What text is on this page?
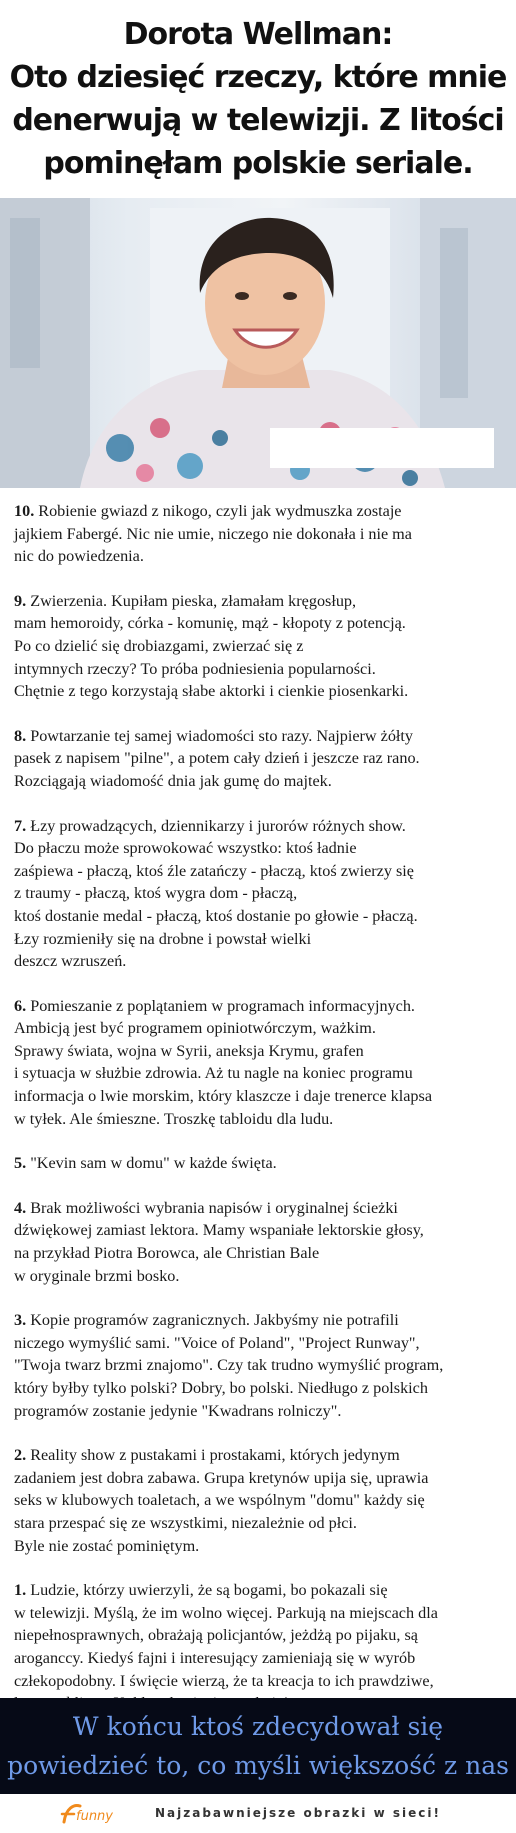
Dorota Wellman:
Oto dziesięć rzeczy, które mnie
denerwują w telewizji. Z litości
pominęłam polskie seriale.
10. Robienie gwiazd z nikogo, czyli jak wydmuszka zostaje
jajkiem Fabergé. Nic nie umie, niczego nie dokonała i nie ma
nic do powiedzenia.
9. Zwierzenia. Kupiłam pieska, złamałam kręgosłup,
mam hemoroidy, córka - komunię, mąż - kłopoty z potencją.
Po co dzielić się drobiazgami, zwierzać się z
intymnych rzeczy? To próba podniesienia popularności.
Chętnie z tego korzystają słabe aktorki i cienkie piosenkarki.
8. Powtarzanie tej samej wiadomości sto razy. Najpierw żółty
pasek z napisem "pilne", a potem cały dzień i jeszcze raz rano.
Rozciągają wiadomość dnia jak gumę do majtek.
7. Łzy prowadzących, dziennikarzy i jurorów różnych show.
Do płaczu może sprowokować wszystko: ktoś ładnie
zaśpiewa - płaczą, ktoś źle zatańczy - płaczą, ktoś zwierzy się
z traumy - płaczą, ktoś wygra dom - płaczą,
ktoś dostanie medal - płaczą, ktoś dostanie po głowie - płaczą.
Łzy rozmieniły się na drobne i powstał wielki
deszcz wzruszeń.
6. Pomieszanie z poplątaniem w programach informacyjnych.
Ambicją jest być programem opiniotwórczym, ważkim.
Sprawy świata, wojna w Syrii, aneksja Krymu, grafen
i sytuacja w służbie zdrowia. Aż tu nagle na koniec programu
informacja o lwie morskim, który klaszcze i daje trenerce klapsa
w tyłek. Ale śmieszne. Troszkę tabloidu dla ludu.
5. "Kevin sam w domu" w każde święta.
4. Brak możliwości wybrania napisów i oryginalnej ścieżki
dźwiękowej zamiast lektora. Mamy wspaniałe lektorskie głosy,
na przykład Piotra Borowca, ale Christian Bale
w oryginale brzmi bosko.
3. Kopie programów zagranicznych. Jakbyśmy nie potrafili
niczego wymyślić sami. "Voice of Poland", "Project Runway",
"Twoja twarz brzmi znajomo". Czy tak trudno wymyślić program,
który byłby tylko polski? Dobry, bo polski. Niedługo z polskich
programów zostanie jedynie "Kwadrans rolniczy".
2. Reality show z pustakami i prostakami, których jedynym
zadaniem jest dobra zabawa. Grupa kretynów upija się, uprawia
seks w klubowych toaletach, a we wspólnym "domu" każdy się
stara przespać się ze wszystkimi, niezależnie od płci.
Byle nie zostać pominiętym.
1. Ludzie, którzy uwierzyli, że są bogami, bo pokazali się
w telewizji. Myślą, że im wolno więcej. Parkują na miejscach dla
niepełnosprawnych, obrażają policjantów, jeżdżą po pijaku, są
aroganccy. Kiedyś fajni i interesujący zamieniają się w wyrób
człekopodobny. I święcie wierzą, że ta kreacja to ich prawdziwe,
W końcu ktoś zdecydował się
powiedzieć to, co myśli większość z nas
funny	Najzabawniejsze obrazki w sieci!
